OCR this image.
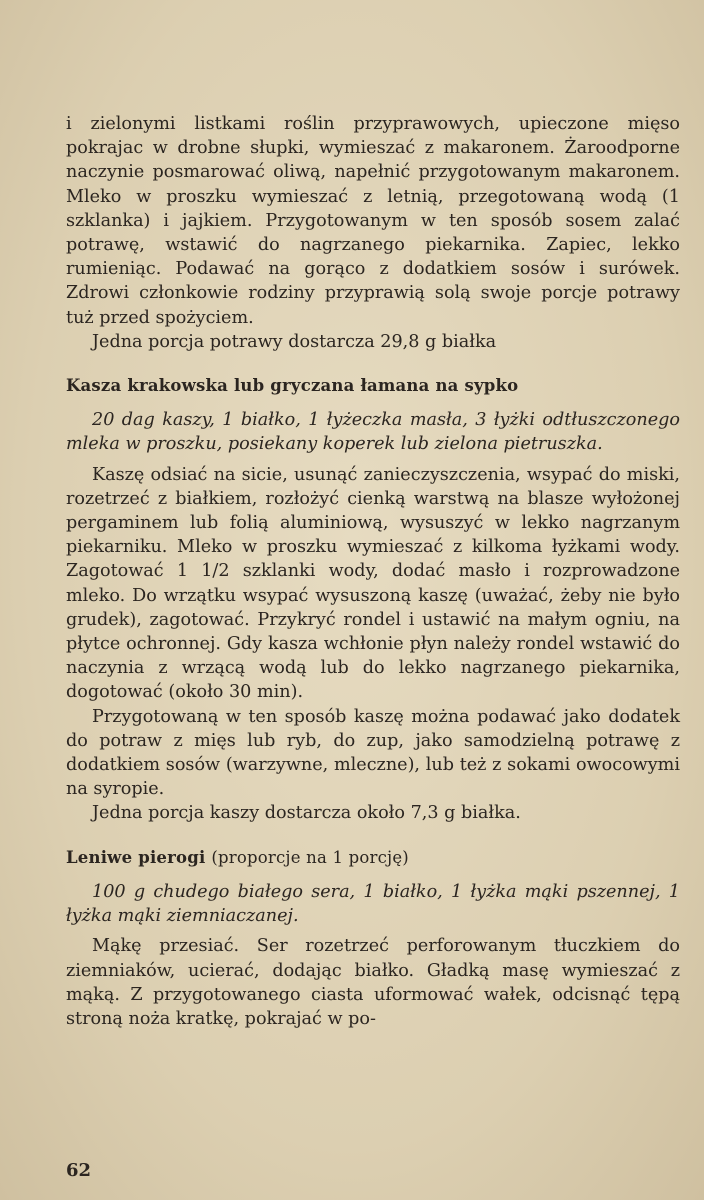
i zielonymi listkami roślin przyprawowych, upieczone mięso pokrajac w drobne słupki, wymieszać z makaronem. Żaroodporne naczynie posmarować oliwą, napełnić przygotowanym makaronem. Mleko w proszku wymieszać z letnią, przegotowaną wodą (1 szklanka) i jajkiem. Przygotowanym w ten sposób sosem zalać potrawę, wstawić do nagrzanego piekarnika. Zapiec, lekko rumieniąc. Podawać na gorąco z dodatkiem sosów i surówek. Zdrowi członkowie rodziny przyprawią solą swoje porcje potrawy tuż przed spożyciem.

Jedna porcja potrawy dostarcza 29,8 g białka

Kasza krakowska lub gryczana łamana na sypko

20 dag kaszy, 1 białko, 1 łyżeczka masła, 3 łyżki odtłuszczonego mleka w proszku, posiekany koperek lub zielona pietruszka.

Kaszę odsiać na sicie, usunąć zanieczyszczenia, wsypać do miski, rozetrzeć z białkiem, rozłożyć cienką warstwą na blasze wyłożonej pergaminem lub folią aluminiową, wysuszyć w lekko nagrzanym piekarniku. Mleko w proszku wymieszać z kilkoma łyżkami wody. Zagotować 1 1/2 szklanki wody, dodać masło i rozprowadzone mleko. Do wrzątku wsypać wysuszoną kaszę (uważać, żeby nie było grudek), zagotować. Przykryć rondel i ustawić na małym ogniu, na płytce ochronnej. Gdy kasza wchłonie płyn należy rondel wstawić do naczynia z wrzącą wodą lub do lekko nagrzanego piekarnika, dogotować (około 30 min).

Przygotowaną w ten sposób kaszę można podawać jako dodatek do potraw z mięs lub ryb, do zup, jako samodzielną potrawę z dodatkiem sosów (warzywne, mleczne), lub też z sokami owocowymi na syropie.

Jedna porcja kaszy dostarcza około 7,3 g białka.

Leniwe pierogi (proporcje na 1 porcję)

100 g chudego białego sera, 1 białko, 1 łyżka mąki pszennej, 1 łyżka mąki ziemniaczanej.

Mąkę przesiać. Ser rozetrzeć perforowanym tłuczkiem do ziemniaków, ucierać, dodając białko. Gładką masę wymieszać z mąką. Z przygotowanego ciasta uformować wałek, odcisnąć tępą stroną noża kratkę, pokrajać w po-

62
